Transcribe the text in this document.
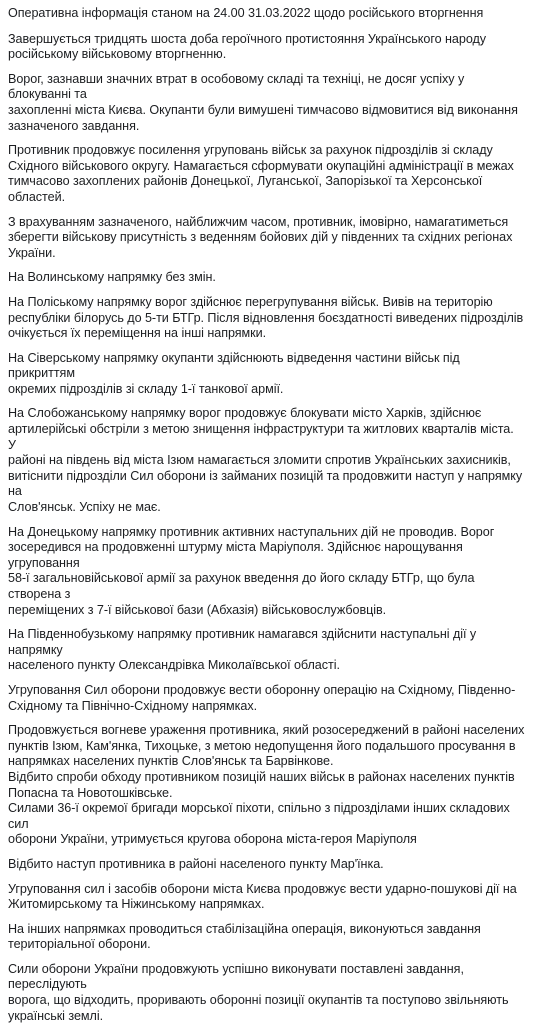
Оперативна інформація станом на 24.00 31.03.2022 щодо російського вторгнення

Завершується тридцять шоста доба героїчного протистояння Українського народу
російському військовому вторгненню.

Ворог, зазнавши значних втрат в особовому складі та техніці, не досяг успіху у блокуванні та
захопленні міста Києва. Окупанти були вимушені тимчасово відмовитися від виконання
зазначеного завдання.

Противник продовжує посилення угруповань військ за рахунок підрозділів зі складу
Східного військового округу. Намагається сформувати окупаційні адміністрації в межах
тимчасово захоплених районів Донецької, Луганської, Запорізької та Херсонської областей.

З врахуванням зазначеного, найближчим часом, противник, імовірно, намагатиметься
зберегти військову присутність з веденням бойових дій у південних та східних регіонах
України.

На Волинському напрямку без змін.

На Поліському напрямку ворог здійснює перегрупування військ. Вивів на територію
республіки білорусь до 5-ти БТГр. Після відновлення боєздатності виведених підрозділів
очікується їх переміщення на інші напрямки.

На Сіверському напрямку окупанти здійснюють відведення частини військ під прикриттям
окремих підрозділів зі складу 1-ї танкової армії.

На Слобожанському напрямку ворог продовжує блокувати місто Харків, здійснює
артилерійські обстріли з метою знищення інфраструктури та житлових кварталів міста. У
районі на південь від міста Ізюм намагається зломити спротив Українських захисників,
витіснити підрозділи Сил оборони із займаних позицій та продовжити наступ у напрямку на
Слов'янськ. Успіху не має.

На Донецькому напрямку противник активних наступальних дій не проводив. Ворог
зосередився на продовженні штурму міста Маріуполя. Здійснює нарощування угруповання
58-ї загальновійськової армії за рахунок введення до його складу БТГр, що була створена з
переміщених з 7-ї військової бази (Абхазія) військовослужбовців.

На Південнобузькому напрямку противник намагався здійснити наступальні дії у напрямку
населеного пункту Олександрівка Миколаївської області.

Угруповання Сил оборони продовжує вести оборонну операцію на Східному, Південно-
Східному та Північно-Східному напрямках.

Продовжується вогневе ураження противника, який розосереджений в районі населених
пунктів Ізюм, Кам'янка, Тихоцьке, з метою недопущення його подальшого просування в
напрямках населених пунктів Слов'янськ та Барвінкове.
Відбито спроби обходу противником позицій наших військ в районах населених пунктів
Попасна та Новотошківське.
Силами 36-ї окремої бригади морської піхоти, спільно з підрозділами інших складових сил
оборони України, утримується кругова оборона міста-героя Маріуполя

Відбито наступ противника в районі населеного пункту Мар'їнка.

Угруповання сил і засобів оборони міста Києва продовжує вести ударно-пошукові дії на
Житомирському та Ніжинському напрямках.

На інших напрямках проводиться стабілізаційна операція, виконуються завдання
територіальної оборони.

Сили оборони України продовжують успішно виконувати поставлені завдання, переслідують
ворога, що відходить, проривають оборонні позиції окупантів та поступово звільняють
українські землі.
